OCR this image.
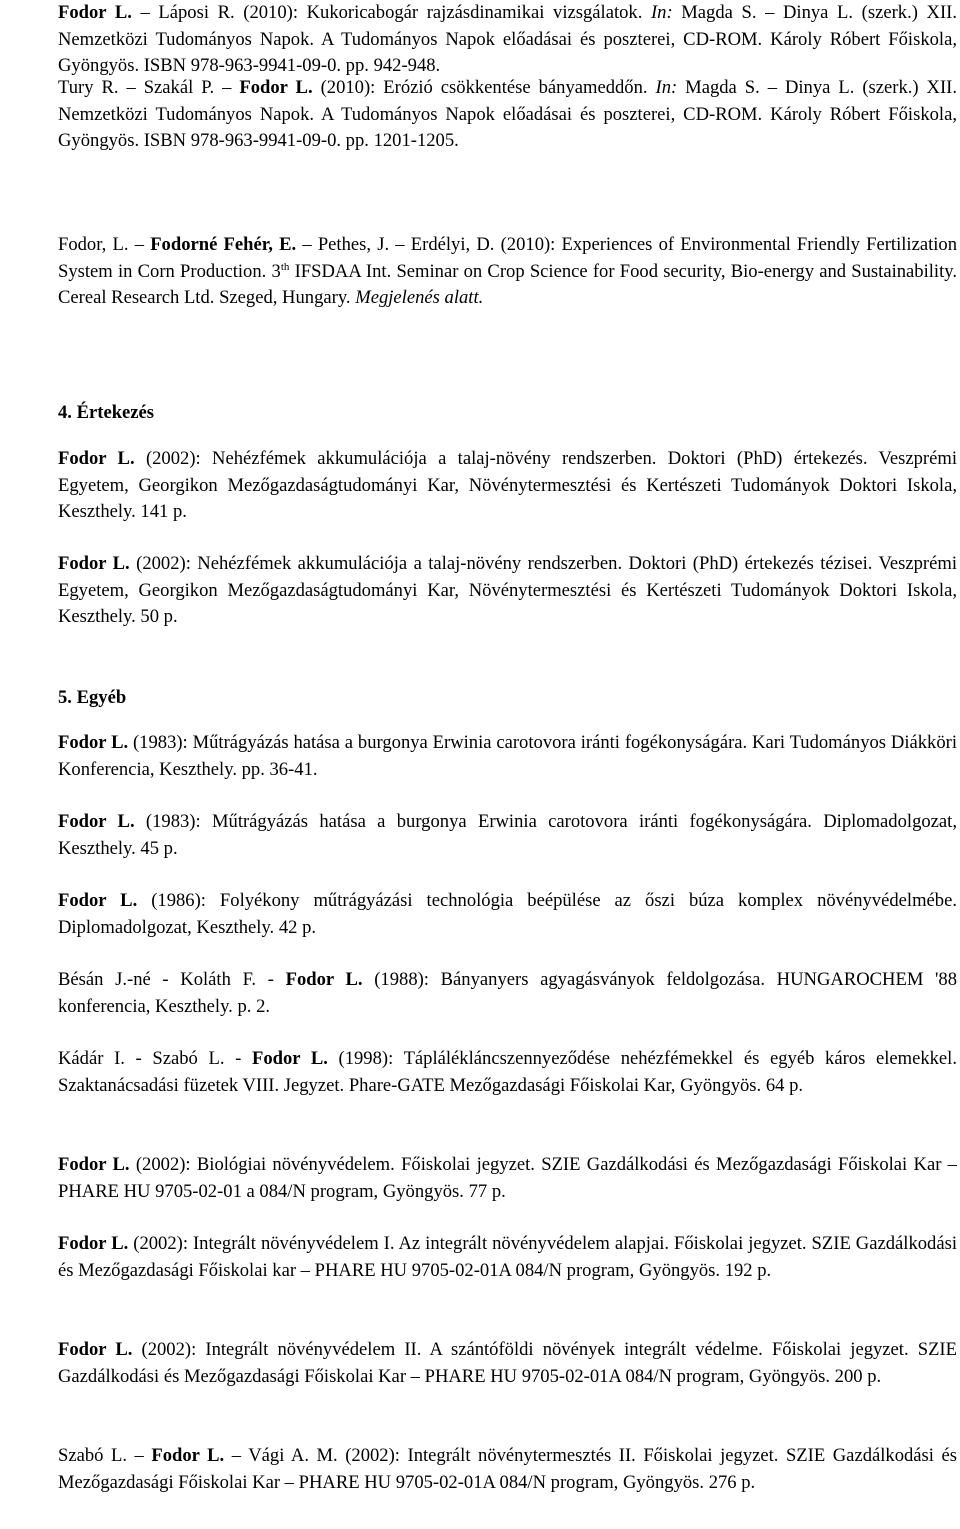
Fodor L. – Láposi R. (2010): Kukoricabogár rajzásdinamikai vizsgálatok. In: Magda S. – Dinya L. (szerk.) XII. Nemzetközi Tudományos Napok. A Tudományos Napok előadásai és poszterei, CD-ROM. Károly Róbert Főiskola, Gyöngyös. ISBN 978-963-9941-09-0. pp. 942-948.

Tury R. – Szakál P. – Fodor L. (2010): Erózió csökkentése bányameddőn. In: Magda S. – Dinya L. (szerk.) XII. Nemzetközi Tudományos Napok. A Tudományos Napok előadásai és poszterei, CD-ROM. Károly Róbert Főiskola, Gyöngyös. ISBN 978-963-9941-09-0. pp. 1201-1205.

Fodor, L. – Fodorné Fehér, E. – Pethes, J. – Erdélyi, D. (2010): Experiences of Environmental Friendly Fertilization System in Corn Production. 3th IFSDAA Int. Seminar on Crop Science for Food security, Bio-energy and Sustainability. Cereal Research Ltd. Szeged, Hungary. Megjelenés alatt.

4. Értekezés

Fodor L. (2002): Nehézfémek akkumulációja a talaj-növény rendszerben. Doktori (PhD) értekezés. Veszprémi Egyetem, Georgikon Mezőgazdaságtudományi Kar, Növénytermesztési és Kertészeti Tudományok Doktori Iskola, Keszthely. 141 p.

Fodor L. (2002): Nehézfémek akkumulációja a talaj-növény rendszerben. Doktori (PhD) értekezés tézisei. Veszprémi Egyetem, Georgikon Mezőgazdaságtudományi Kar, Növénytermesztési és Kertészeti Tudományok Doktori Iskola, Keszthely. 50 p.

5. Egyéb

Fodor L. (1983): Műtrágyázás hatása a burgonya Erwinia carotovora iránti fogékonyságára. Kari Tudományos Diákköri Konferencia, Keszthely. pp. 36-41.

Fodor L. (1983): Műtrágyázás hatása a burgonya Erwinia carotovora iránti fogékonyságára. Diplomadolgozat, Keszthely. 45 p.

Fodor L. (1986): Folyékony műtrágyázási technológia beépülése az őszi búza komplex növényvédelmébe. Diplomadolgozat, Keszthely. 42 p.

Bésán J.-né - Koláth F. - Fodor L. (1988): Bányanyers agyagásványok feldolgozása. HUNGAROCHEM '88 konferencia, Keszthely. p. 2.

Kádár I. - Szabó L. - Fodor L. (1998): Táplálékláncszennyeződése nehézfémekkel és egyéb káros elemekkel. Szaktanácsadási füzetek VIII. Jegyzet. Phare-GATE Mezőgazdasági Főiskolai Kar, Gyöngyös. 64 p.

Fodor L. (2002): Biológiai növényvédelem. Főiskolai jegyzet. SZIE Gazdálkodási és Mezőgazdasági Főiskolai Kar – PHARE HU 9705-02-01 a 084/N program, Gyöngyös. 77 p.

Fodor L. (2002): Integrált növényvédelem I. Az integrált növényvédelem alapjai. Főiskolai jegyzet. SZIE Gazdálkodási és Mezőgazdasági Főiskolai kar – PHARE HU 9705-02-01A 084/N program, Gyöngyös. 192 p.

Fodor L. (2002): Integrált növényvédelem II. A szántóföldi növények integrált védelme. Főiskolai jegyzet. SZIE Gazdálkodási és Mezőgazdasági Főiskolai Kar – PHARE HU 9705-02-01A 084/N program, Gyöngyös. 200 p.

Szabó L. – Fodor L. – Vági A. M. (2002): Integrált növénytermesztés II. Főiskolai jegyzet. SZIE Gazdálkodási és Mezőgazdasági Főiskolai Kar – PHARE HU 9705-02-01A 084/N program, Gyöngyös. 276 p.
